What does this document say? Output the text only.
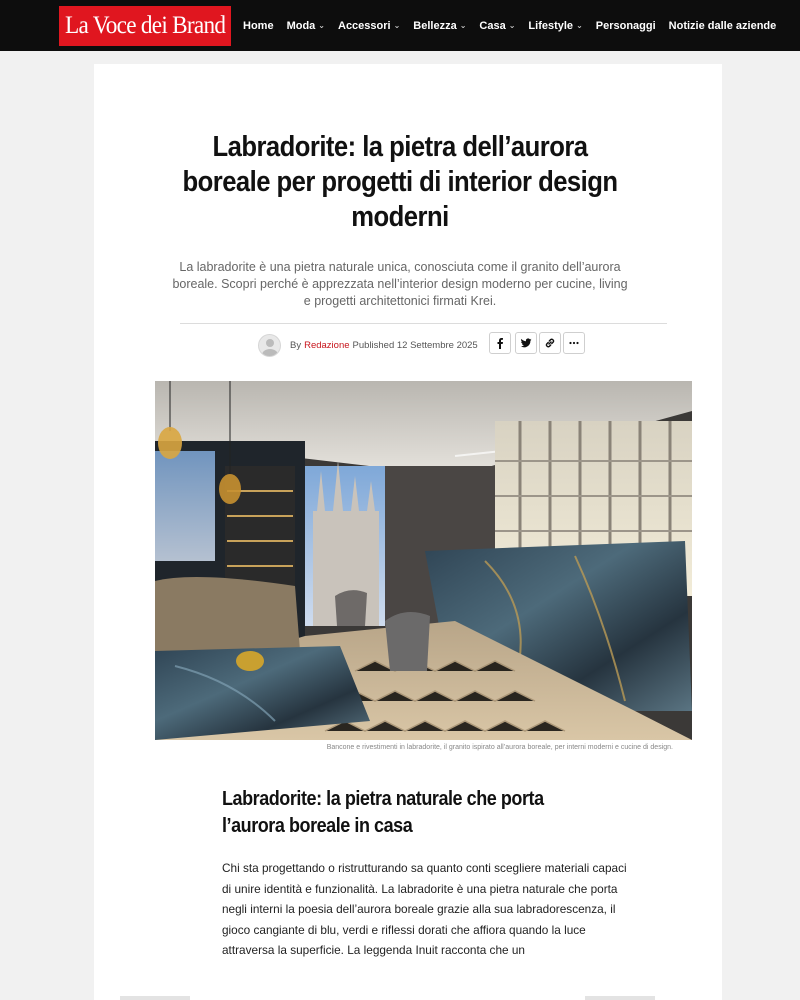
La Voce dei Brand Home Moda ⌄ Accessori ⌄ Bellezza ⌄ Casa ⌄ Lifestyle ⌄ Personaggi Notizie dalle aziende
Labradorite: la pietra dell’aurora boreale per progetti di interior design moderni

La labradorite è una pietra naturale unica, conosciuta come il granito dell’aurora boreale. Scopri perché è apprezzata nell’interior design moderno per cucine, living e progetti architettonici firmati Krei.

By Redazione Published
12 Settembre 2025
Bancone e rivestimenti in labradorite, il granito ispirato all’aurora boreale, per interni moderni e cucine di design.
Labradorite: la pietra naturale che porta l’aurora boreale in casa

Chi sta progettando o ristrutturando sa quanto conti scegliere materiali capaci di unire identità e funzionalità. La labradorite è una pietra naturale che porta negli interni la poesia dell’aurora boreale grazie alla sua labradorescenza, il gioco cangiante di blu, verdi e riflessi dorati che affiora quando la luce attraversa la superficie. La leggenda Inuit racconta che un
